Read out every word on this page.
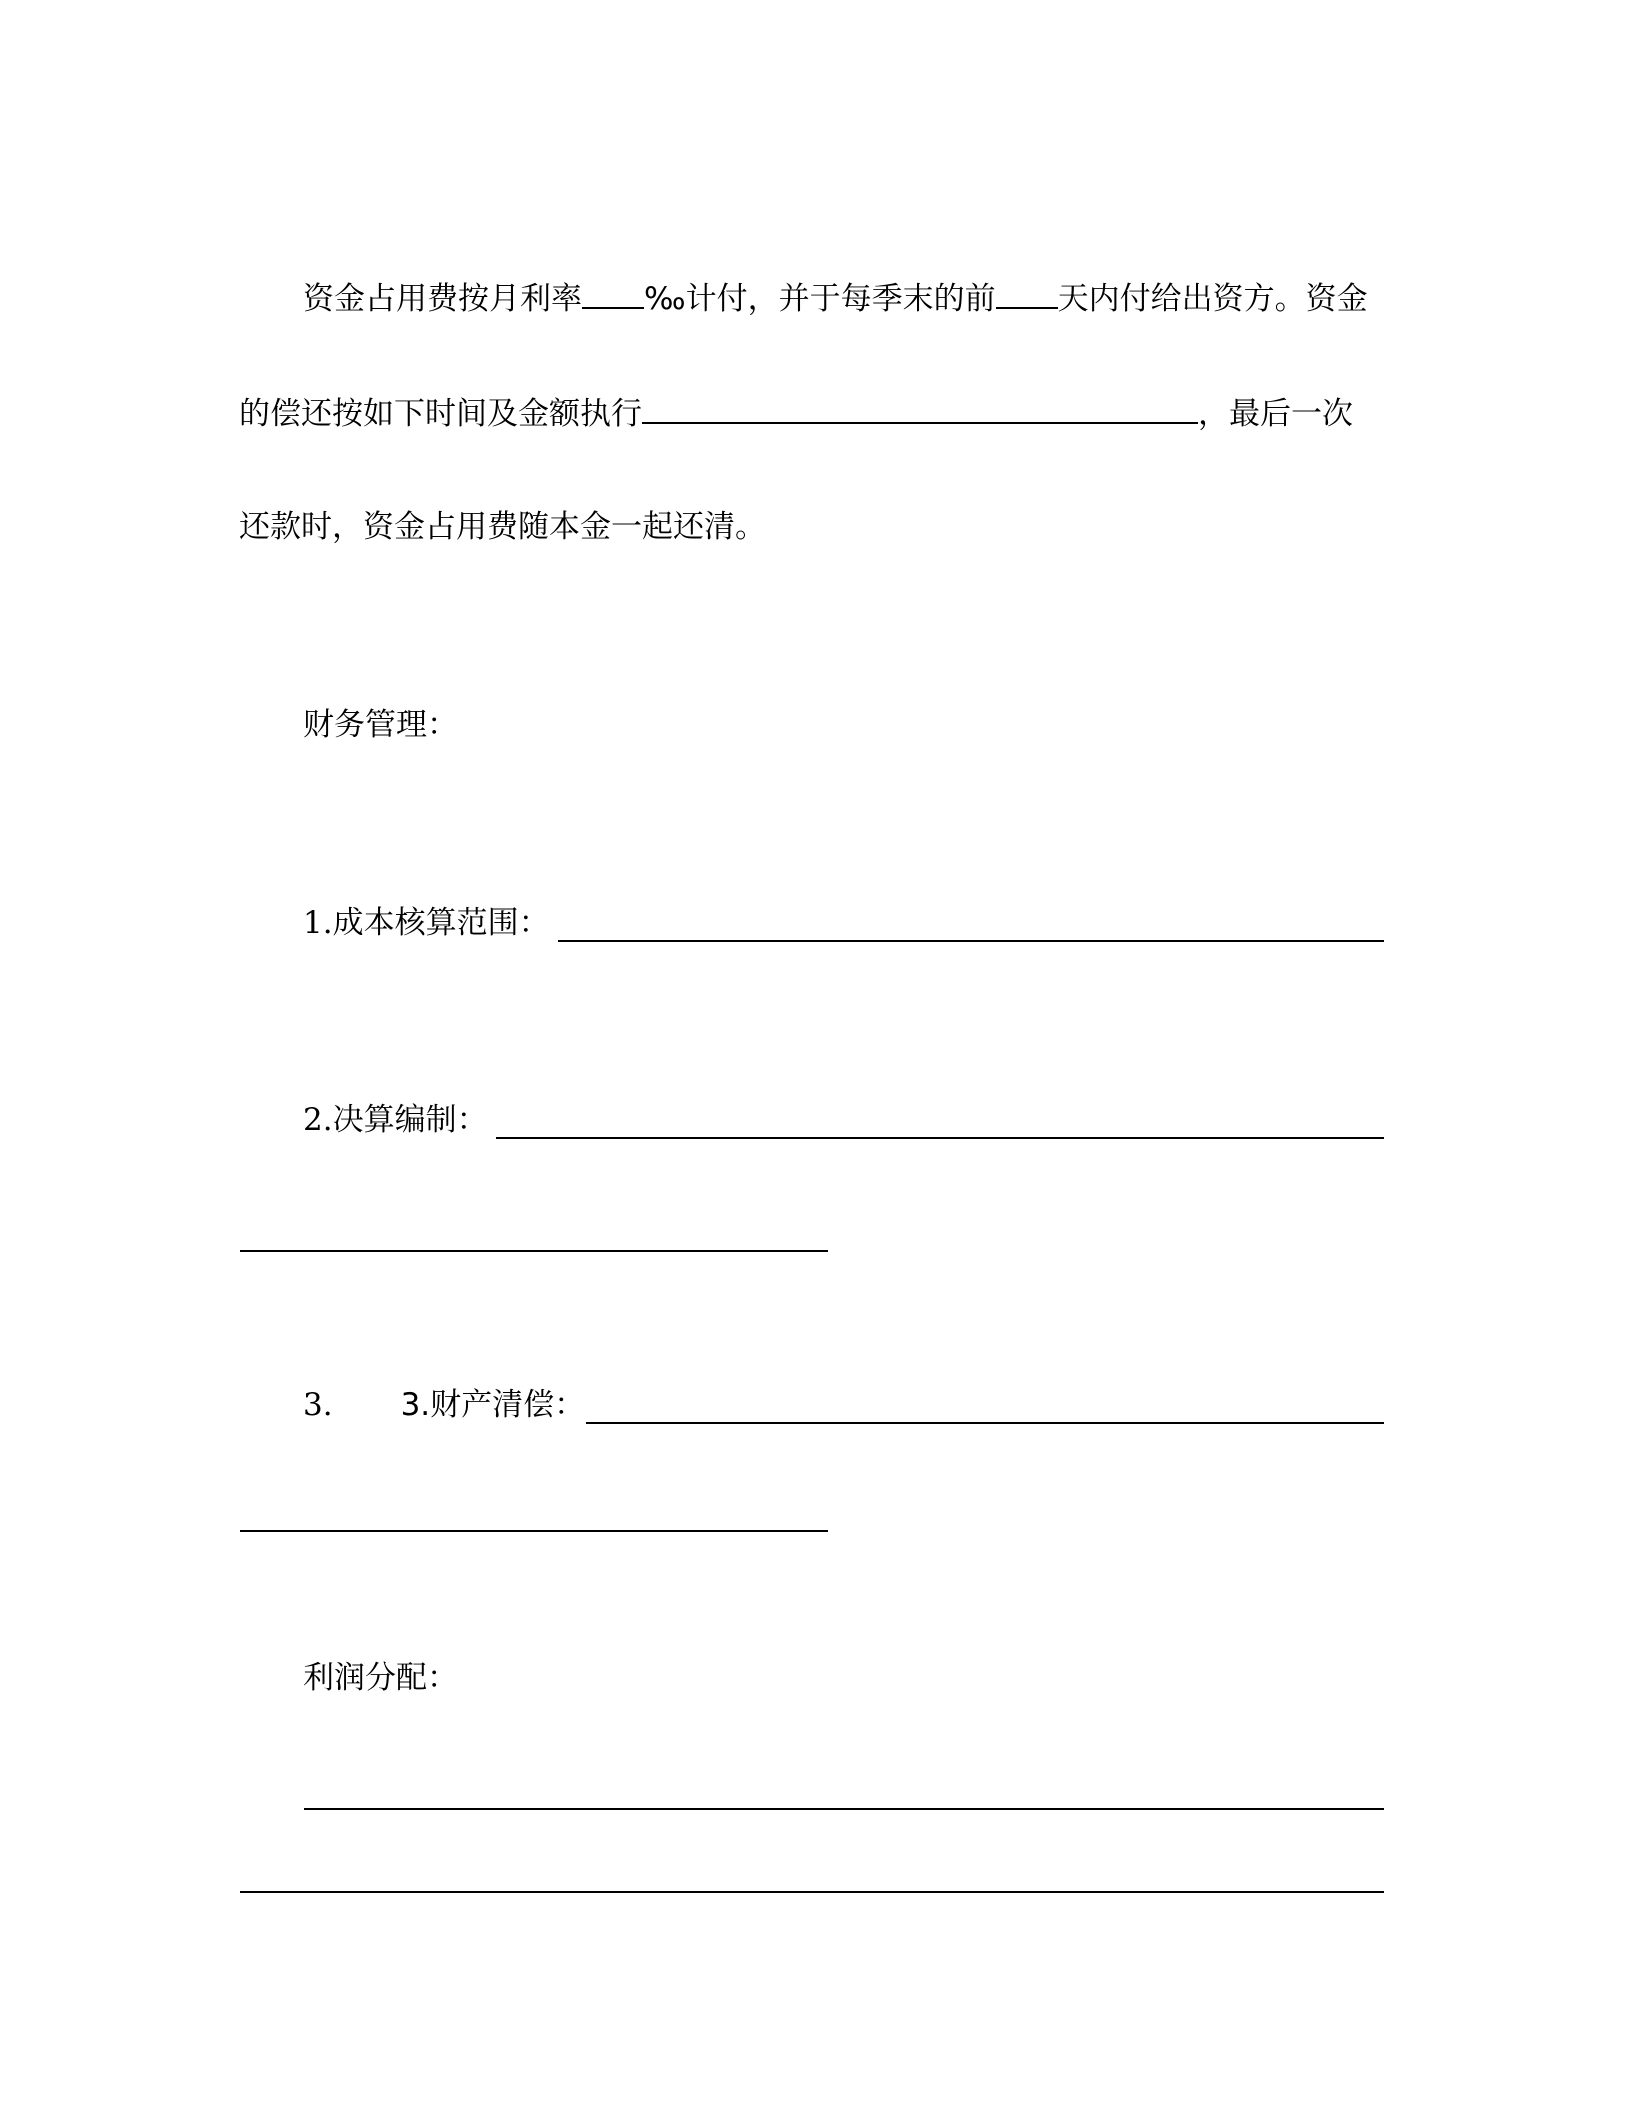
资金占用费按月利率 ‰计付，并于每季末的前 天内付给出资方。资金
的偿还按如下时间及金额执行	，最后一次
还款时，资金占用费随本金一起还清。
财务管理：
1.成本核算范围：
2.决算编制：
3. 3.财产清偿：
利润分配：
